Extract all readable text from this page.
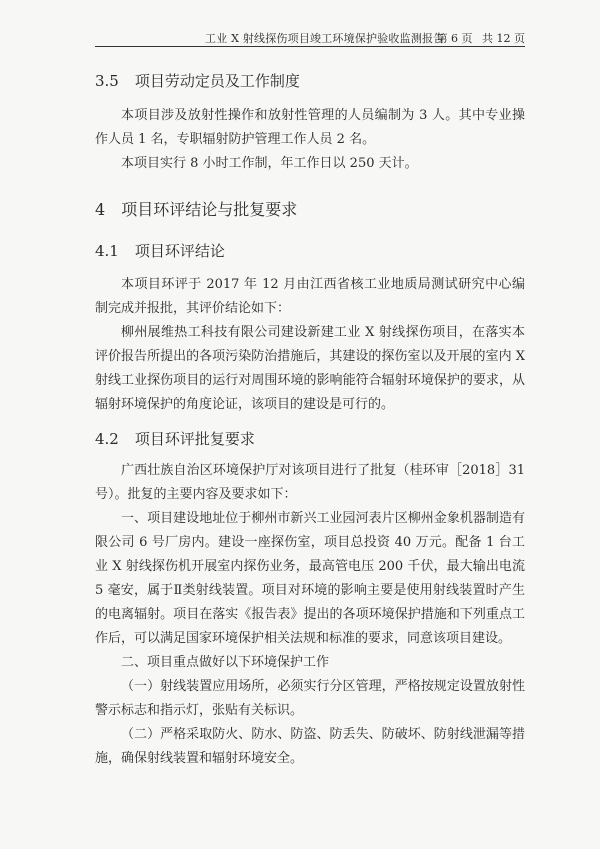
工业 X 射线探伤项目竣工环境保护验收监测报告
第 6 页 共 12 页
3.5 项目劳动定员及工作制度

本项目涉及放射性操作和放射性管理的人员编制为 3 人。其中专业操作人员 1 名，专职辐射防护管理工作人员 2 名。

本项目实行 8 小时工作制，年工作日以 250 天计。

4 项目环评结论与批复要求
4.1 项目环评结论

本项目环评于 2017 年 12 月由江西省核工业地质局测试研究中心编制完成并报批，其评价结论如下：

柳州展维热工科技有限公司建设新建工业 X 射线探伤项目，在落实本评价报告所提出的各项污染防治措施后，其建设的探伤室以及开展的室内 X 射线工业探伤项目的运行对周围环境的影响能符合辐射环境保护的要求，从辐射环境保护的角度论证，该项目的建设是可行的。

4.2 项目环评批复要求

广西壮族自治区环境保护厅对该项目进行了批复（桂环审［2018］31 号）。批复的主要内容及要求如下：

一、项目建设地址位于柳州市新兴工业园河表片区柳州金象机器制造有限公司 6 号厂房内。建设一座探伤室，项目总投资 40 万元。配备 1 台工业 X 射线探伤机开展室内探伤业务，最高管电压 200 千伏，最大输出电流 5 毫安，属于Ⅱ类射线装置。项目对环境的影响主要是使用射线装置时产生的电离辐射。项目在落实《报告表》提出的各项环境保护措施和下列重点工作后，可以满足国家环境保护相关法规和标准的要求，同意该项目建设。

二、项目重点做好以下环境保护工作

（一）射线装置应用场所，必须实行分区管理，严格按规定设置放射性警示标志和指示灯，张贴有关标识。

（二）严格采取防火、防水、防盗、防丢失、防破坏、防射线泄漏等措施，确保射线装置和辐射环境安全。
